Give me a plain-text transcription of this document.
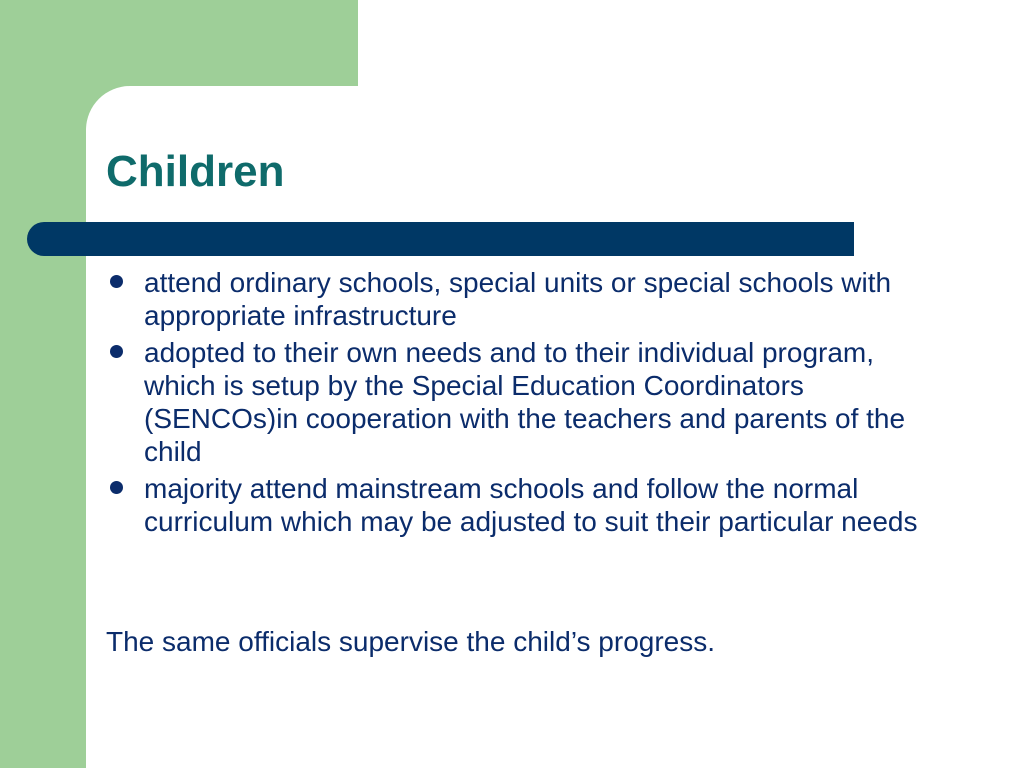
Children
attend ordinary schools, special units or special schools with appropriate infrastructure
adopted to their own needs and to their individual program, which is setup by the Special Education Coordinators (SENCOs)in cooperation with the teachers and parents of the child
majority attend mainstream schools and follow the normal curriculum which may be adjusted to suit their particular needs

The same officials supervise the child’s progress.
